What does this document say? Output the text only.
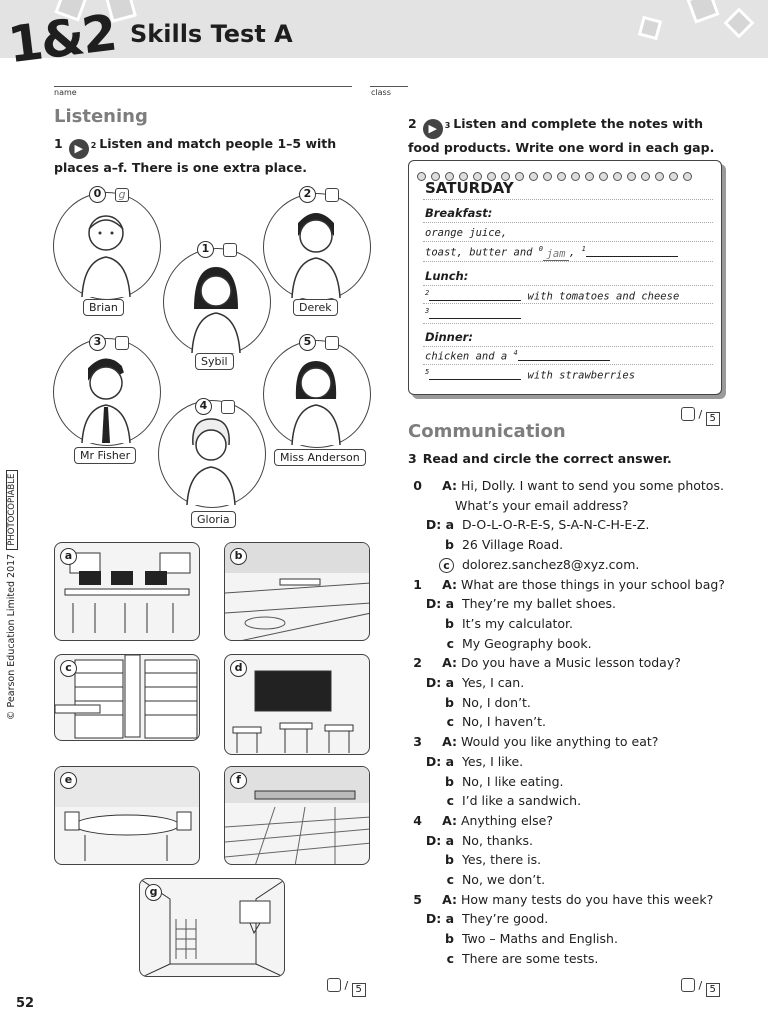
1&2 Skills Test A
name	class
Listening
1 ▶ 2 Listen and match people 1–5 with places a–f. There is one extra place.
0	g
Brian
1
Sybil
2
Derek
3
Mr Fisher
5
Miss Anderson
4
Gloria
a	b
c	d
e	f
g
/ 5
2 ▶ 3 Listen and complete the notes with food products. Write one word in each gap.
SATURDAY
Breakfast:
orange juice,
toast, butter and $^0$ jam , $^1$
Lunch:
$^2$	with tomatoes and cheese
$^3$
Dinner:
chicken and a $^4$
$^5$	with strawberries
/ 5
Communication
3 Read and circle the correct answer.
0 A: Hi, Dolly. I want to send you some photos.
What’s your email address?
D: a D-O-L-O-R-E-S, S-A-N-C-H-E-Z.
b 26 Village Road.
c dolorez.sanchez8@xyz.com.
1 A: What are those things in your school bag?
D: a They’re my ballet shoes.
b It’s my calculator.
c My Geography book.
2 A: Do you have a Music lesson today?
D: a Yes, I can.
b No, I don’t.
c No, I haven’t.
3 A: Would you like anything to eat?
D: a Yes, I like.
b No, I like eating.
c I’d like a sandwich.
4 A: Anything else?
D: a No, thanks.
b Yes, there is.
c No, we don’t.
5 A: How many tests do you have this week?
D: a They’re good.
b Two – Maths and English.
c There are some tests.
/ 5
© Pearson Education Limited 2017PHOTOCOPIABLE
52
